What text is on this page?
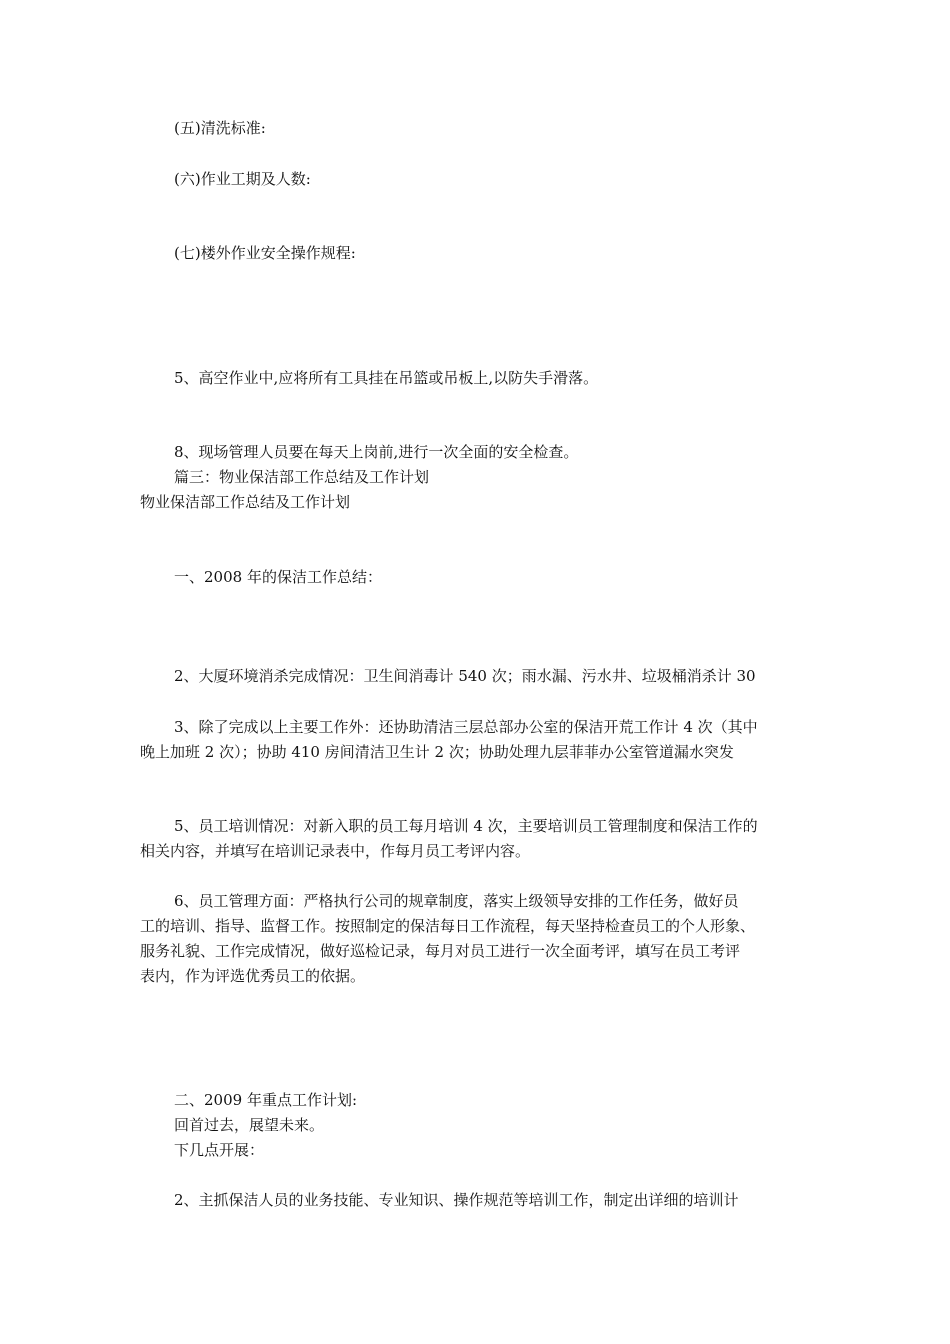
(五)清洗标准:
(六)作业工期及人数:
(七)楼外作业安全操作规程:
5、高空作业中,应将所有工具挂在吊篮或吊板上,以防失手滑落。
8、现场管理人员要在每天上岗前,进行一次全面的安全检查。
篇三：物业保洁部工作总结及工作计划
物业保洁部工作总结及工作计划
一、2008 年的保洁工作总结：
2、大厦环境消杀完成情况：卫生间消毒计 540 次；雨水漏、污水井、垃圾桶消杀计 30
3、除了完成以上主要工作外：还协助清洁三层总部办公室的保洁开荒工作计 4 次（其中
晚上加班 2 次）；协助 410 房间清洁卫生计 2 次；协助处理九层菲菲办公室管道漏水突发
5、员工培训情况：对新入职的员工每月培训 4 次，主要培训员工管理制度和保洁工作的
相关内容，并填写在培训记录表中，作每月员工考评内容。
6、员工管理方面：严格执行公司的规章制度，落实上级领导安排的工作任务，做好员
工的培训、指导、监督工作。按照制定的保洁每日工作流程，每天坚持检查员工的个人形象、
服务礼貌、工作完成情况，做好巡检记录，每月对员工进行一次全面考评，填写在员工考评
表内，作为评选优秀员工的依据。
二、2009 年重点工作计划:
回首过去，展望未来。
下几点开展：
2、主抓保洁人员的业务技能、专业知识、操作规范等培训工作，制定出详细的培训计
